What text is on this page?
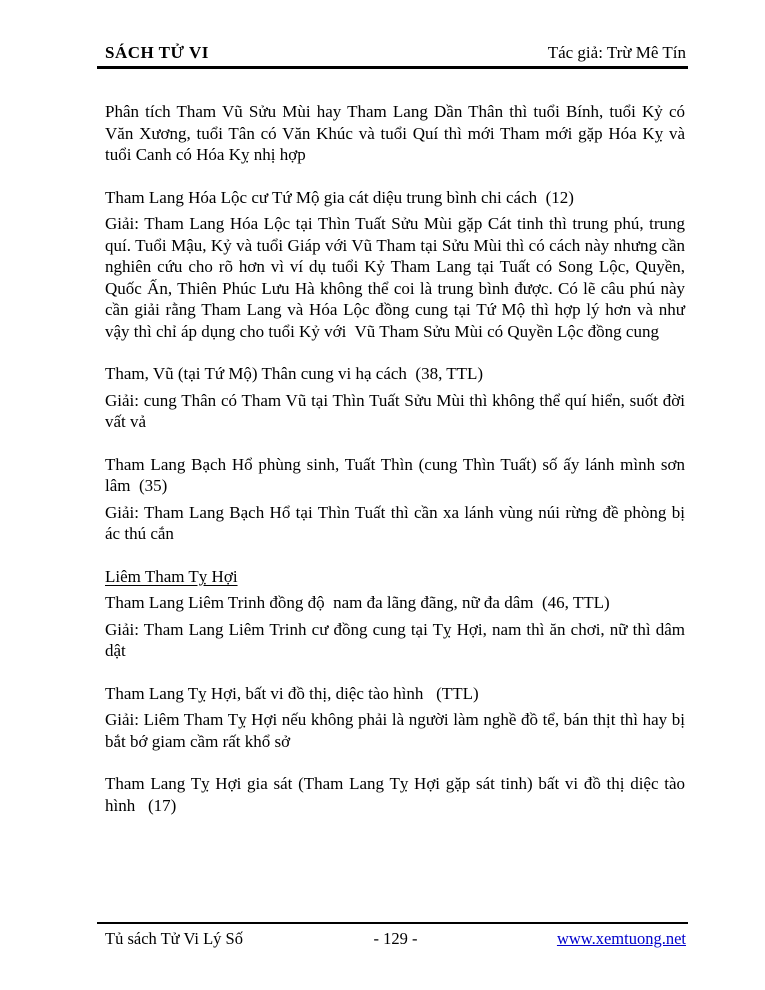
SÁCH TỬ VI	Tác giả: Trừ Mê Tín

Phân tích Tham Vũ Sửu Mùi hay Tham Lang Dần Thân thì tuổi Bính, tuổi Kỷ có Văn Xương, tuổi Tân có Văn Khúc và tuổi Quí thì mới Tham mới gặp Hóa Kỵ và tuổi Canh có Hóa Kỵ nhị hợp

Tham Lang Hóa Lộc cư Tứ Mộ gia cát diệu trung bình chi cách  (12)

Giải: Tham Lang Hóa Lộc tại Thìn Tuất Sửu Mùi gặp Cát tinh thì trung phú, trung quí. Tuổi Mậu, Kỷ và tuổi Giáp với Vũ Tham tại Sửu Mùi thì có cách này nhưng cần nghiên cứu cho rõ hơn vì ví dụ tuổi Kỷ Tham Lang tại Tuất có Song Lộc, Quyền, Quốc Ấn, Thiên Phúc Lưu Hà không thể coi là trung bình được. Có lẽ câu phú này cần giải rằng Tham Lang và Hóa Lộc đồng cung tại Tứ Mộ thì hợp lý hơn và như vậy thì chỉ áp dụng cho tuổi Kỷ với  Vũ Tham Sửu Mùi có Quyền Lộc đồng cung

Tham, Vũ (tại Tứ Mộ) Thân cung vi hạ cách  (38, TTL)

Giải: cung Thân có Tham Vũ tại Thìn Tuất Sửu Mùi thì không thể quí hiển, suốt đời vất vả

Tham Lang Bạch Hổ phùng sinh, Tuất Thìn (cung Thìn Tuất) số ấy lánh mình sơn lâm  (35)

Giải: Tham Lang Bạch Hổ tại Thìn Tuất thì cần xa lánh vùng núi rừng đề phòng bị ác thú cắn

Liêm Tham Tỵ Hợi

Tham Lang Liêm Trinh đồng độ  nam đa lãng đãng, nữ đa dâm  (46, TTL)

Giải: Tham Lang Liêm Trinh cư đồng cung tại Tỵ Hợi, nam thì ăn chơi, nữ thì dâm dật

Tham Lang Tỵ Hợi, bất vi đồ thị, diệc tào hình   (TTL)

Giải: Liêm Tham Tỵ Hợi nếu không phải là người làm nghề đồ tể, bán thịt thì hay bị bắt bớ giam cầm rất khổ sở

Tham Lang Tỵ Hợi gia sát (Tham Lang Tỵ Hợi gặp sát tinh) bất vi đồ thị diệc tào hình   (17)

Tủ sách Tử Vi Lý Số	- 129 -	www.xemtuong.net
